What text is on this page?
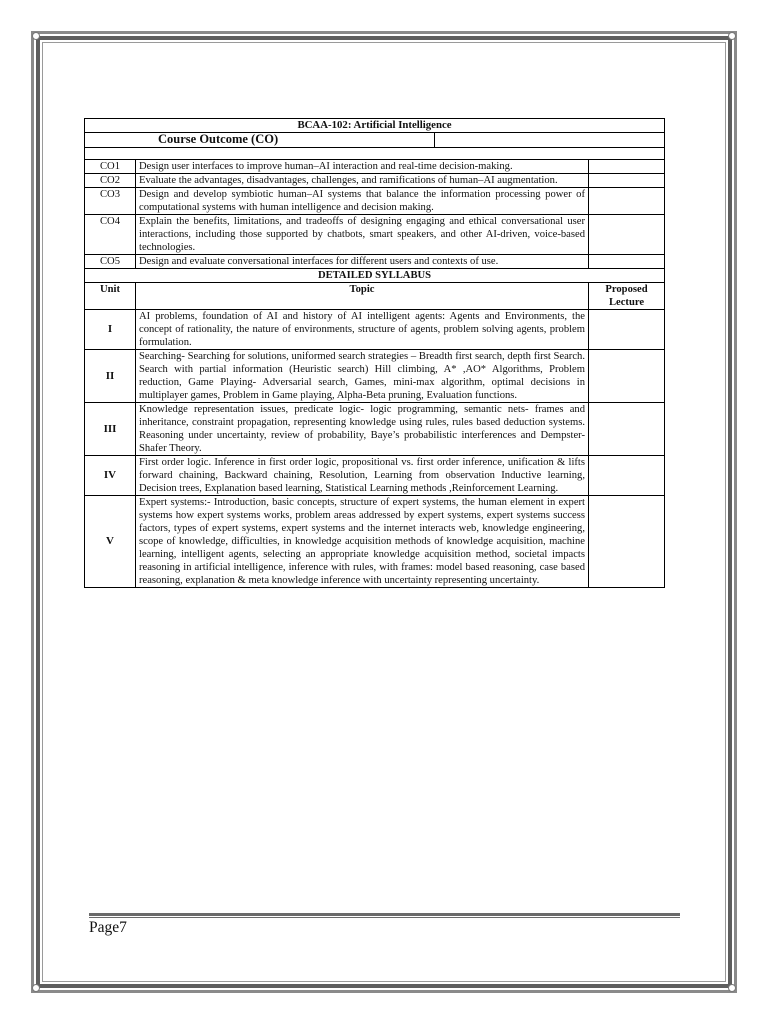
BCAA-102: Artificial Intelligence		

Course Outcome (CO)		

CO1	Design user interfaces to improve human–AI interaction and real-time decision-making.	
CO2	Evaluate the advantages, disadvantages, challenges, and ramifications of human–AI augmentation.	
CO3	Design and develop symbiotic human–AI systems that balance the information processing power of computational systems with human intelligence and decision making.	
CO4	Explain the benefits, limitations, and tradeoffs of designing engaging and ethical conversational user interactions, including those supported by chatbots, smart speakers, and other AI-driven, voice-based technologies.	
CO5	Design and evaluate conversational interfaces for different users and contexts of use.	
DETAILED SYLLABUS		
Unit	Topic	Proposed Lecture
I	AI problems, foundation of AI and history of AI intelligent agents: Agents and Environments, the concept of rationality, the nature of environments, structure of agents, problem solving agents, problem formulation.	
II	Searching- Searching for solutions, uniformed search strategies – Breadth first search, depth first Search. Search with partial information (Heuristic search) Hill climbing, A* ,AO* Algorithms, Problem reduction, Game Playing- Adversarial search, Games, mini-max algorithm, optimal decisions in multiplayer games, Problem in Game playing, Alpha-Beta pruning, Evaluation functions.	
III	Knowledge representation issues, predicate logic- logic programming, semantic nets- frames and inheritance, constraint propagation, representing knowledge using rules, rules based deduction systems. Reasoning under uncertainty, review of probability, Baye’s probabilistic interferences and Dempster-Shafer Theory.	
IV	First order logic. Inference in first order logic, propositional vs. first order inference, unification & lifts forward chaining, Backward chaining, Resolution, Learning from observation Inductive learning, Decision trees, Explanation based learning, Statistical Learning methods ,Reinforcement Learning.	
V	Expert systems:- Introduction, basic concepts, structure of expert systems, the human element in expert systems how expert systems works, problem areas addressed by expert systems, expert systems success factors, types of expert systems, expert systems and the internet interacts web, knowledge engineering, scope of knowledge, difficulties, in knowledge acquisition methods of knowledge acquisition, machine learning, intelligent agents, selecting an appropriate knowledge acquisition method, societal impacts reasoning in artificial intelligence, inference with rules, with frames: model based reasoning, case based reasoning, explanation & meta knowledge inference with uncertainty representing uncertainty.	
Page7
